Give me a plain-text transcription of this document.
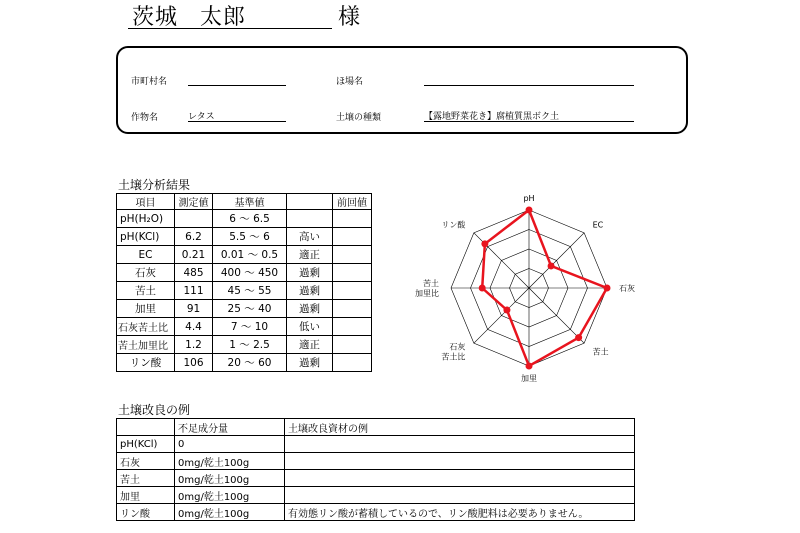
茨城 太郎	様
市町村名	ほ場名
作物名	レタス	土壌の種類	【露地野菜花き】腐植質黒ボク土
土壌分析結果
項目	測定値	基準値		前回値
pH(H₂O)		6 ～ 6.5		
pH(KCl)	6.2	5.5 ～ 6	高い	
EC	0.21	0.01 ～ 0.5	適正	
石灰	485	400 ～ 450	過剰	
苦土	111	45 ～ 55	過剰	
加里	91	25 ～ 40	過剰	
石灰苦土比	4.4	7 ～ 10	低い	
苦土加里比	1.2	1 ～ 2.5	適正	
リン酸	106	20 ～ 60	過剰	
pH
EC
石灰
苦土
加里
石灰
苦土比
苦土
加里比
リン酸
土壌改良の例
	不足成分量	土壌改良資材の例
pH(KCl)	0	
石灰	0mg/乾土100g	
苦土	0mg/乾土100g	
加里	0mg/乾土100g	
リン酸	0mg/乾土100g	有効態リン酸が蓄積しているので、リン酸肥料は必要ありません。
